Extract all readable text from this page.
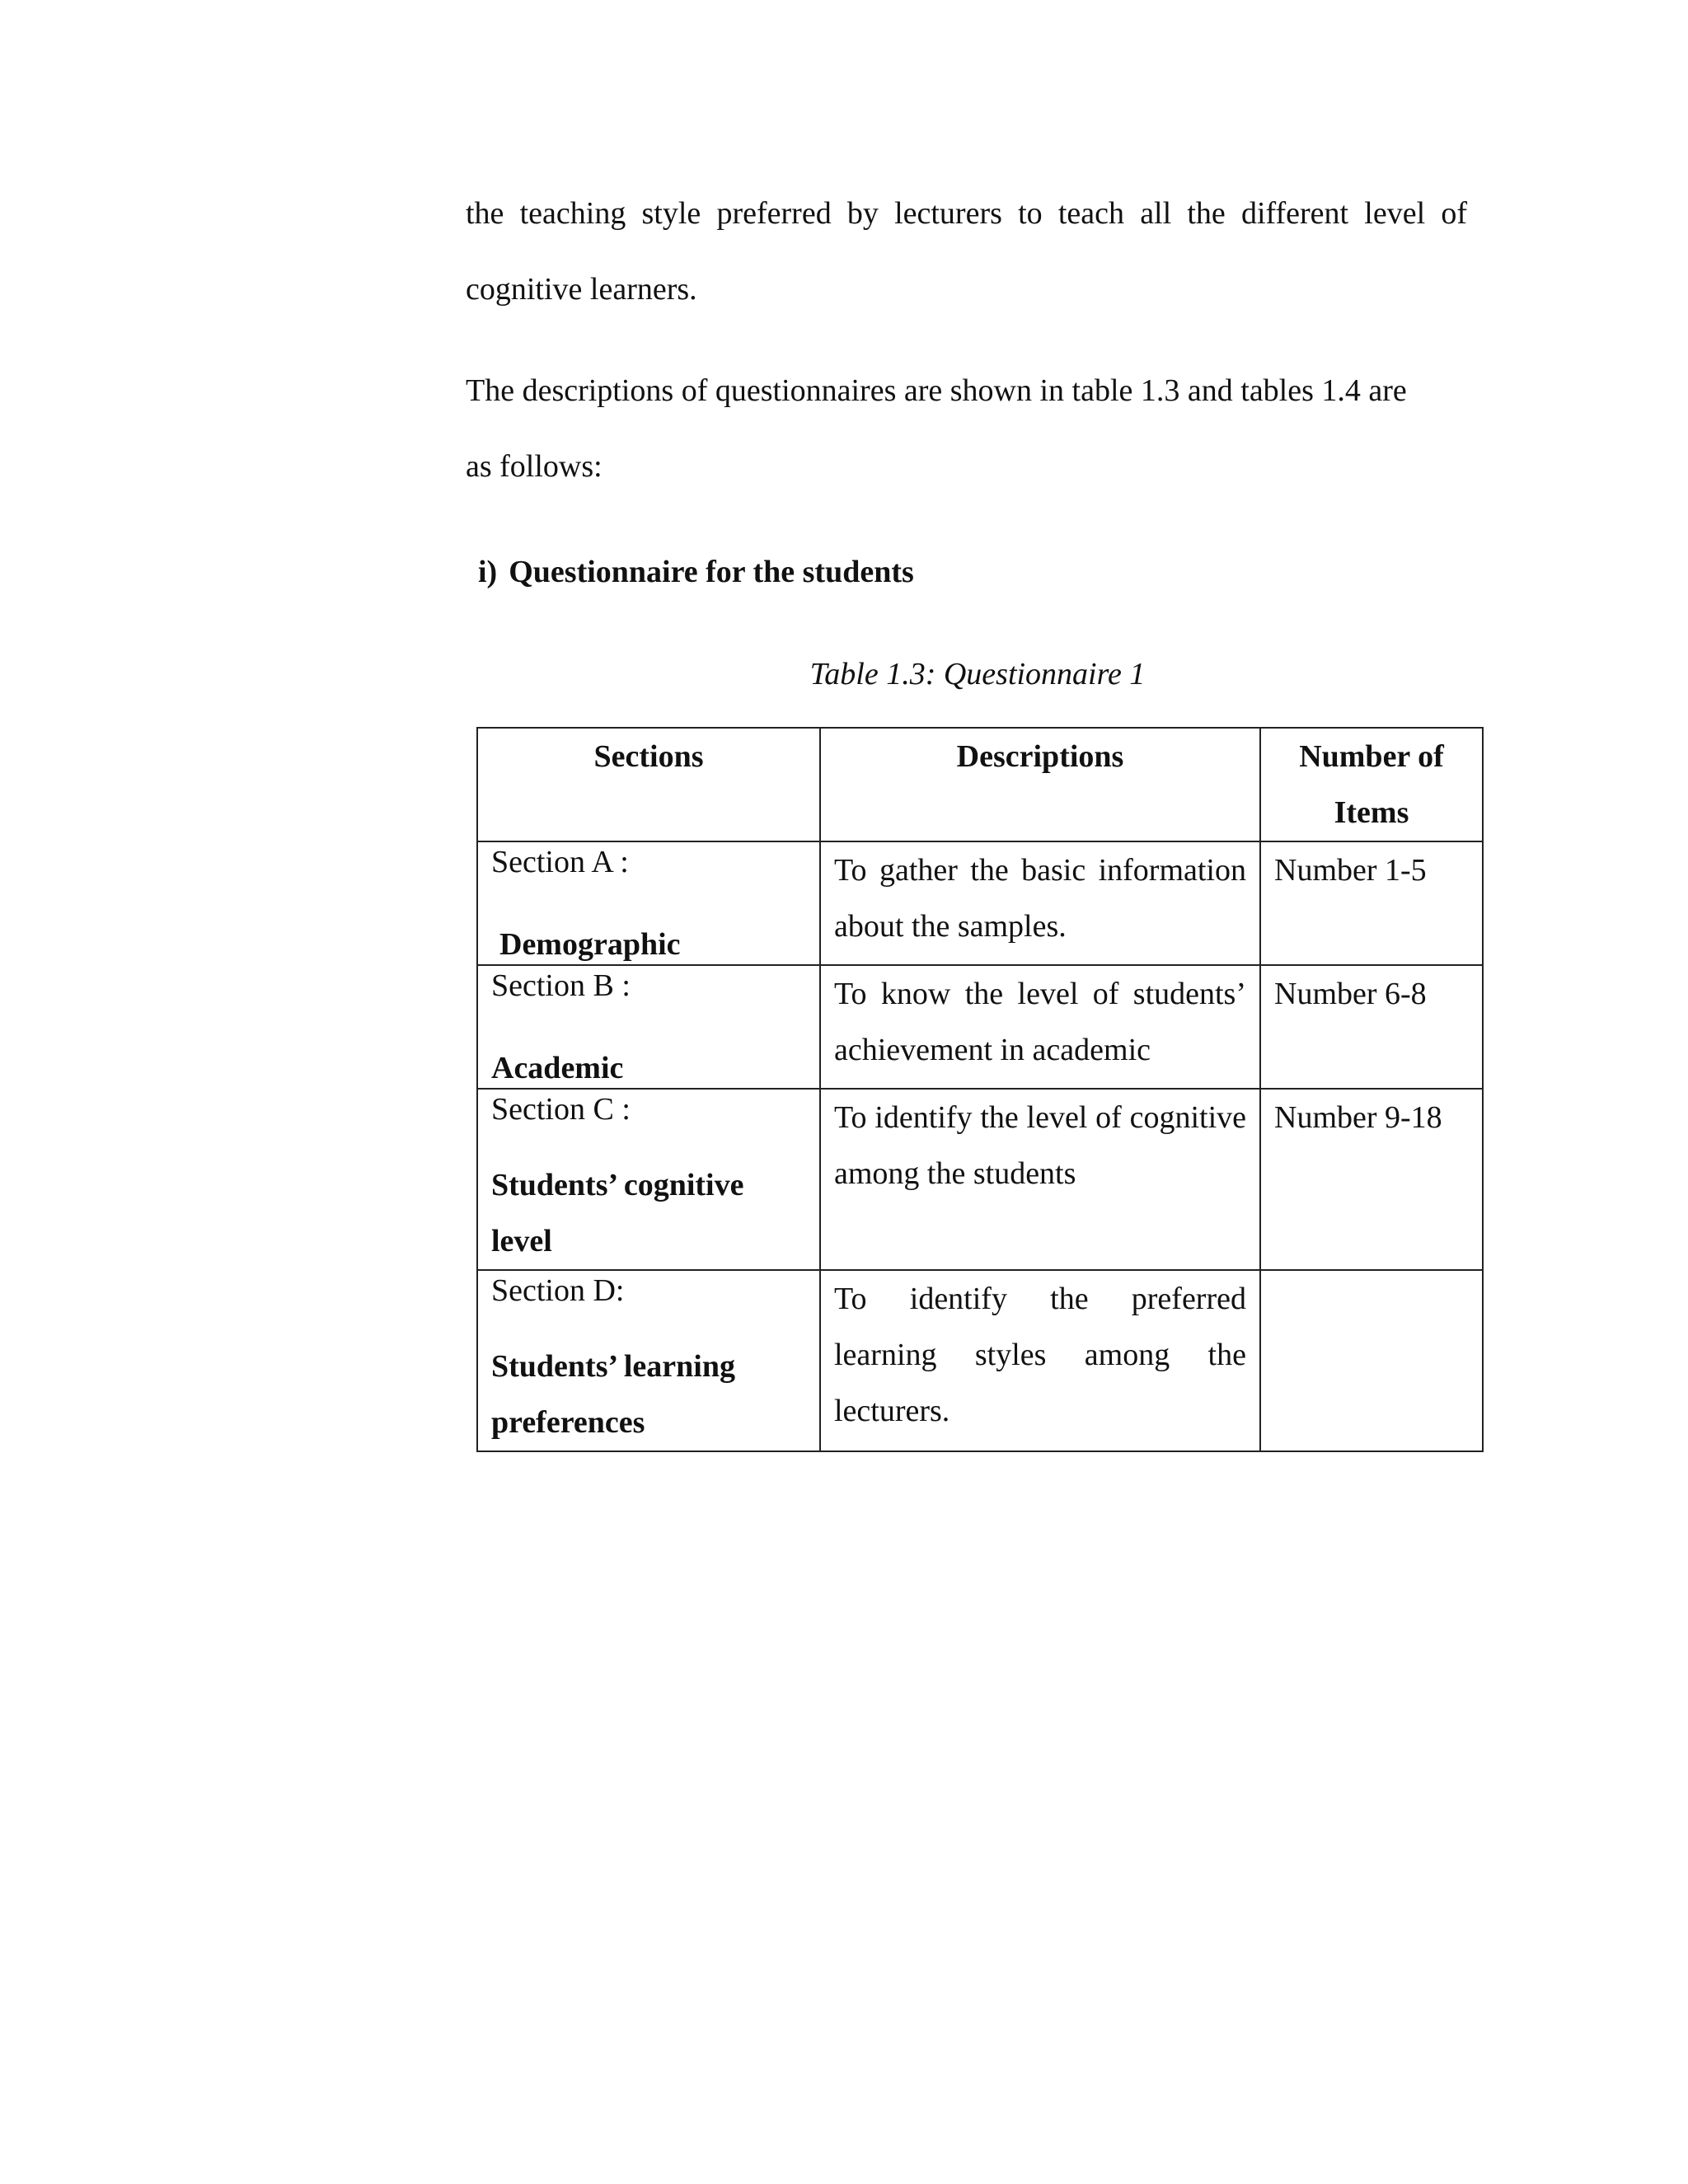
the teaching style preferred by lecturers to teach all the different level of

cognitive learners.

The descriptions of questionnaires are shown in table 1.3 and tables 1.4 are

as follows:

i) Questionnaire for the students

Table 1.3: Questionnaire 1

Sections	Descriptions	Number of Items

Section A :
Demographic	To gather the basic information about the samples.	Number 1-5

Section B :
Academic	To know the level of students’ achievement in academic	Number 6-8

Section C :
Students’ cognitive level	To identify the level of cognitive among the students	Number 9-18

Section D:
Students’ learning preferences	To identify the preferred learning styles among the lecturers.	
